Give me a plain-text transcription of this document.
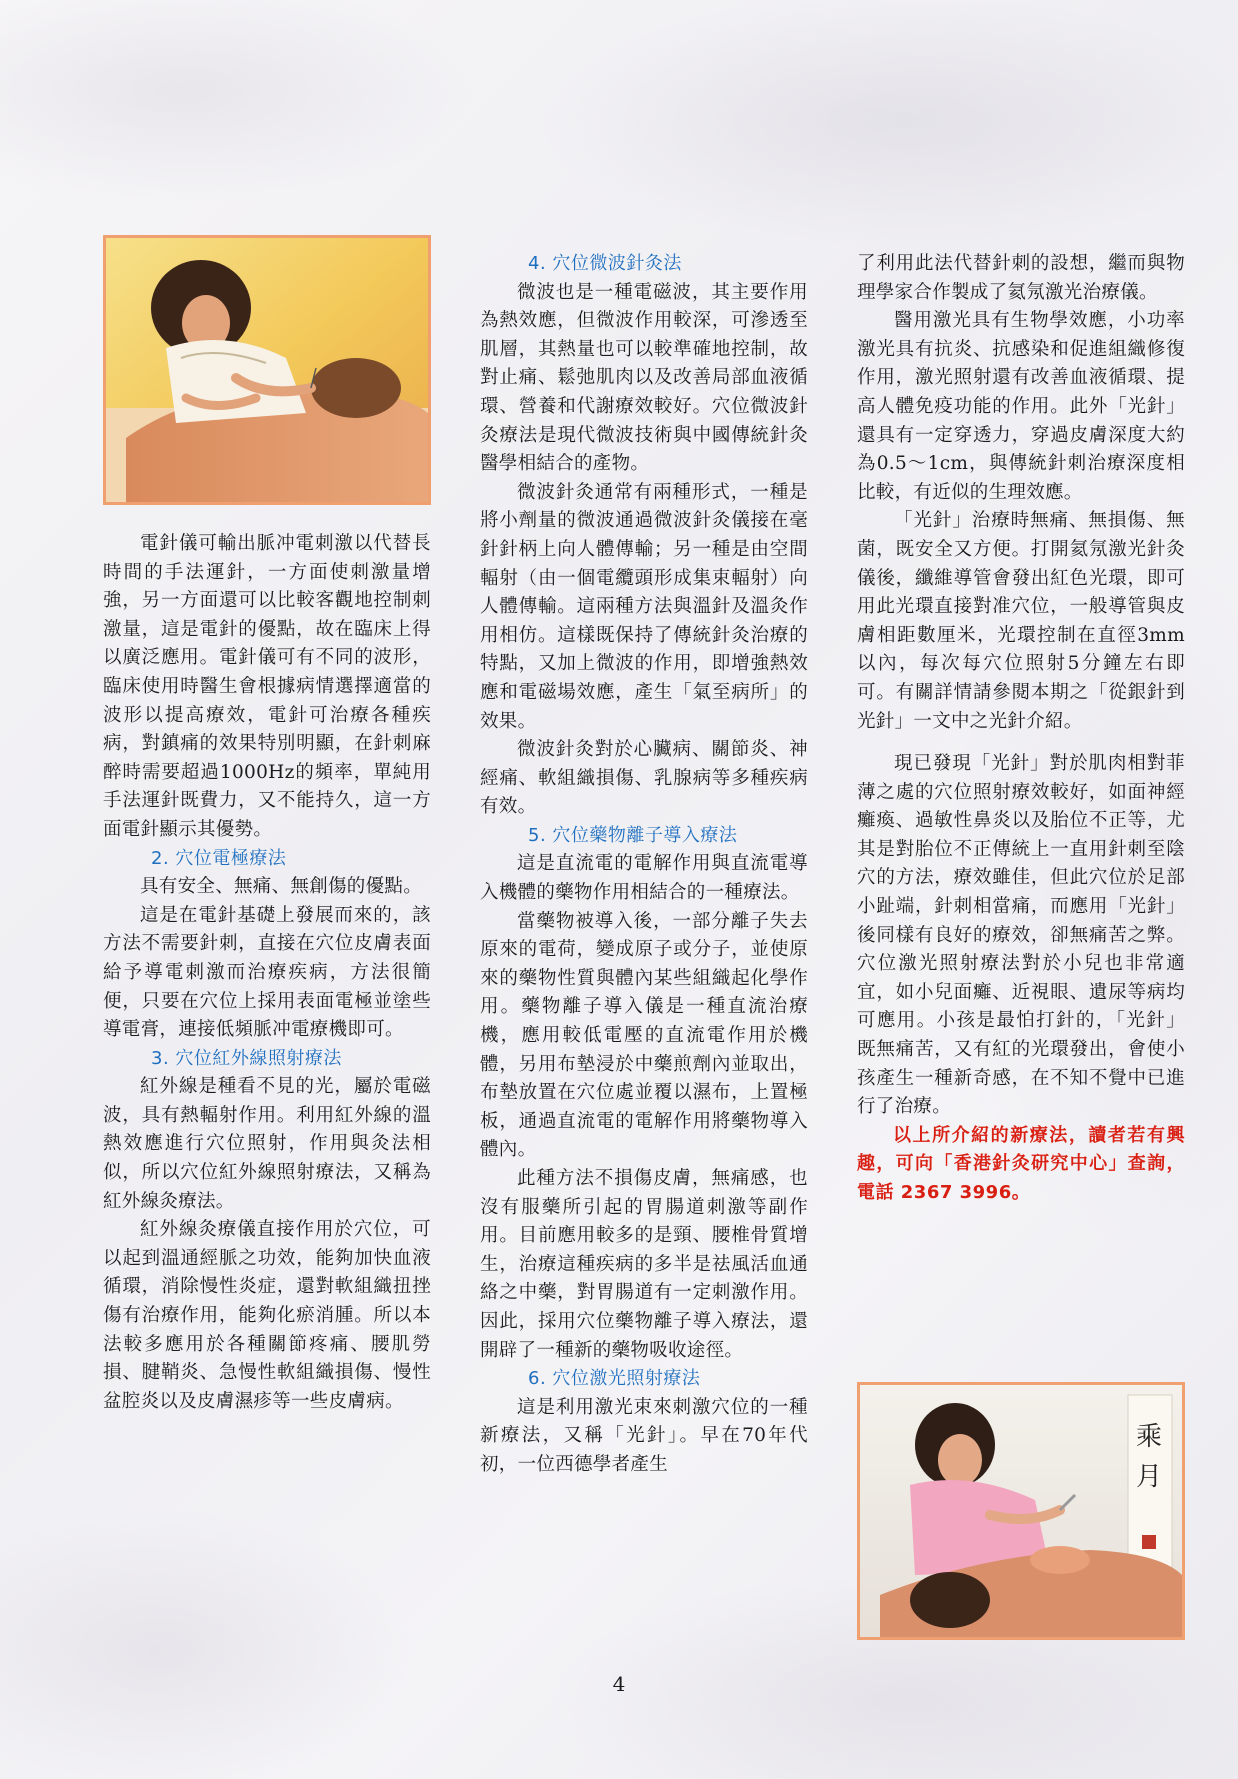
電針儀可輸出脈冲電刺激以代替長時間的手法運針，一方面使刺激量增強，另一方面還可以比較客觀地控制刺激量，這是電針的優點，故在臨床上得以廣泛應用。電針儀可有不同的波形，臨床使用時醫生會根據病情選擇適當的波形以提高療效，電針可治療各種疾病，對鎮痛的效果特別明顯，在針刺麻醉時需要超過1000Hz的頻率，單純用手法運針既費力，又不能持久，這一方面電針顯示其優勢。

2. 穴位電極療法

具有安全、無痛、無創傷的優點。

這是在電針基礎上發展而來的，該方法不需要針刺，直接在穴位皮膚表面給予導電刺激而治療疾病，方法很簡便，只要在穴位上採用表面電極並塗些導電膏，連接低頻脈冲電療機即可。

3. 穴位紅外線照射療法

紅外線是種看不見的光，屬於電磁波，具有熱輻射作用。利用紅外線的溫熱效應進行穴位照射，作用與灸法相似，所以穴位紅外線照射療法，又稱為紅外線灸療法。

紅外線灸療儀直接作用於穴位，可以起到溫通經脈之功效，能夠加快血液循環，消除慢性炎症，還對軟組織扭挫傷有治療作用，能夠化瘀消腫。所以本法較多應用於各種關節疼痛、腰肌勞損、腱鞘炎、急慢性軟組織損傷、慢性盆腔炎以及皮膚濕疹等一些皮膚病。

4. 穴位微波針灸法

微波也是一種電磁波，其主要作用為熱效應，但微波作用較深，可滲透至肌層，其熱量也可以較準確地控制，故對止痛、鬆弛肌肉以及改善局部血液循環、營養和代謝療效較好。穴位微波針灸療法是現代微波技術與中國傳統針灸醫學相結合的產物。

微波針灸通常有兩種形式，一種是將小劑量的微波通過微波針灸儀接在毫針針柄上向人體傳輸；另一種是由空間輻射（由一個電纜頭形成集束輻射）向人體傳輸。這兩種方法與溫針及溫灸作用相仿。這樣既保持了傳統針灸治療的特點，又加上微波的作用，即增強熱效應和電磁場效應，產生「氣至病所」的效果。

微波針灸對於心臟病、關節炎、神經痛、軟組織損傷、乳腺病等多種疾病有效。

5. 穴位藥物離子導入療法

這是直流電的電解作用與直流電導入機體的藥物作用相結合的一種療法。

當藥物被導入後，一部分離子失去原來的電荷，變成原子或分子，並使原來的藥物性質與體內某些組織起化學作用。藥物離子導入儀是一種直流治療機，應用較低電壓的直流電作用於機體，另用布墊浸於中藥煎劑內並取出，布墊放置在穴位處並覆以濕布，上置極板，通過直流電的電解作用將藥物導入體內。

此種方法不損傷皮膚，無痛感，也沒有服藥所引起的胃腸道刺激等副作用。目前應用較多的是頸、腰椎骨質增生，治療這種疾病的多半是祛風活血通絡之中藥，對胃腸道有一定刺激作用。因此，採用穴位藥物離子導入療法，還開辟了一種新的藥物吸收途徑。

6. 穴位激光照射療法

這是利用激光束來刺激穴位的一種新療法，又稱「光針」。早在70年代初，一位西德學者產生

了利用此法代替針刺的設想，繼而與物理學家合作製成了氦氖激光治療儀。

醫用激光具有生物學效應，小功率激光具有抗炎、抗感染和促進組織修復作用，激光照射還有改善血液循環、提高人體免疫功能的作用。此外「光針」還具有一定穿透力，穿過皮膚深度大約為0.5～1cm，與傳統針刺治療深度相比較，有近似的生理效應。

「光針」治療時無痛、無損傷、無菌，既安全又方便。打開氦氖激光針灸儀後，纖維導管會發出紅色光環，即可用此光環直接對准穴位，一般導管與皮膚相距數厘米，光環控制在直徑3mm以內，每次每穴位照射5分鐘左右即可。有關詳情請參閱本期之「從銀針到光針」一文中之光針介紹。

現已發現「光針」對於肌肉相對菲薄之處的穴位照射療效較好，如面神經癱瘓、過敏性鼻炎以及胎位不正等，尤其是對胎位不正傳統上一直用針刺至陰穴的方法，療效雖佳，但此穴位於足部小趾端，針刺相當痛，而應用「光針」後同樣有良好的療效，卻無痛苦之弊。穴位激光照射療法對於小兒也非常適宜，如小兒面癱、近視眼、遺尿等病均可應用。小孩是最怕打針的，「光針」既無痛苦，又有紅的光環發出，會使小孩產生一種新奇感，在不知不覺中已進行了治療。

以上所介紹的新療法，讀者若有興趣，可向「香港針灸研究中心」查詢，電話 2367 3996。

乘
月
4
